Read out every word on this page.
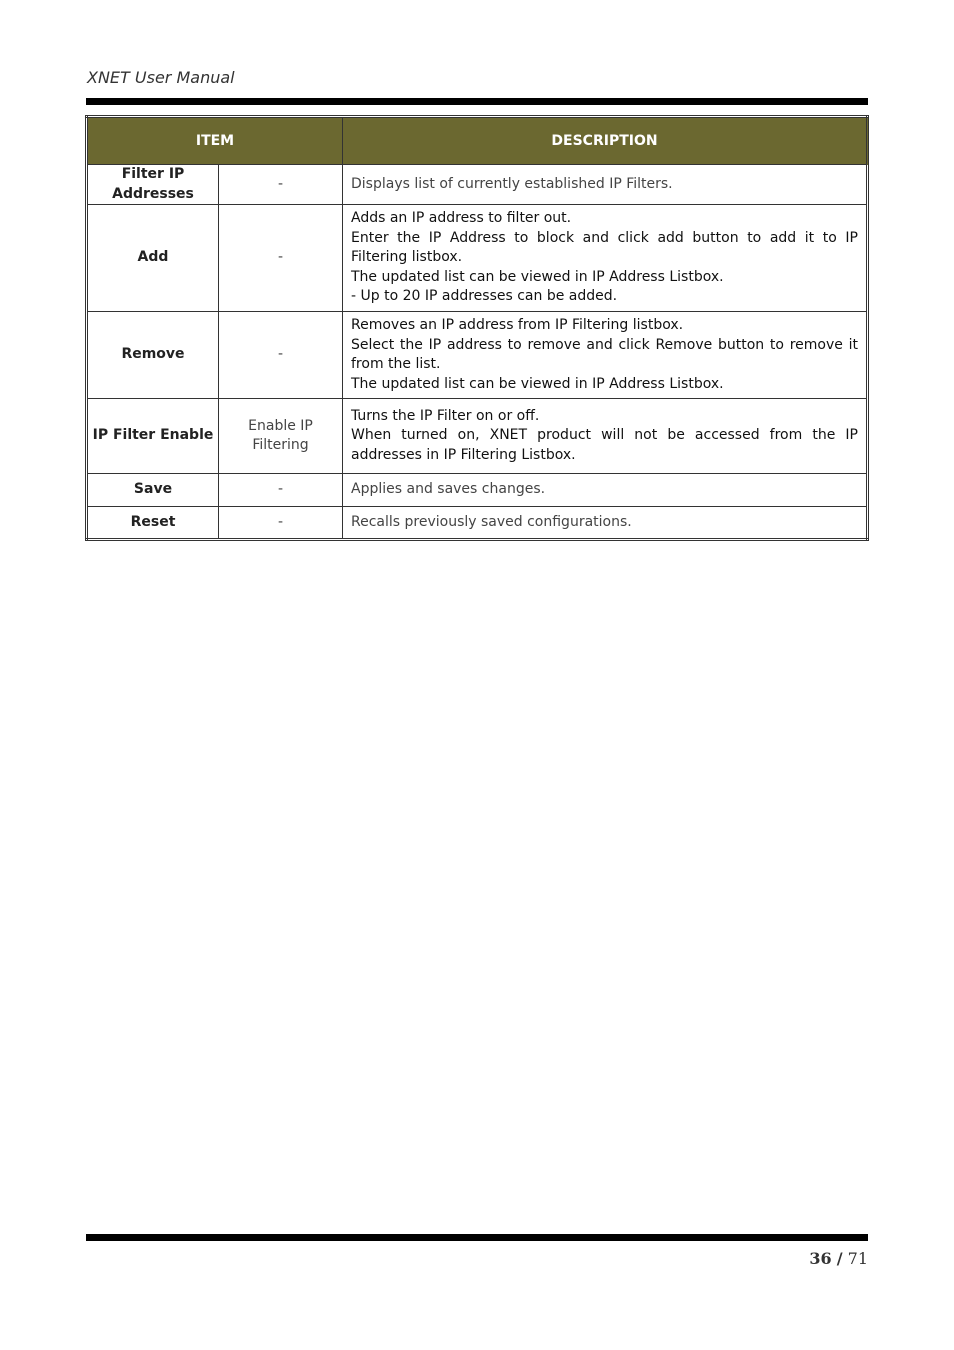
XNET User Manual
ITEM		DESCRIPTION
Filter IP Addresses	-	Displays list of currently established IP Filters.

Add	-	Adds an IP address to filter out.
Enter the IP Address to block and click add button to add it to IP Filtering listbox.
The updated list can be viewed in IP Address Listbox.
- Up to 20 IP addresses can be added.

Remove	-	Removes an IP address from IP Filtering listbox.
Select the IP address to remove and click Remove button to remove it from the list.
The updated list can be viewed in IP Address Listbox.

IP Filter Enable	Enable IP Filtering	Turns the IP Filter on or off.
When turned on, XNET product will not be accessed from the IP addresses in IP Filtering Listbox.

Save	-	Applies and saves changes.

Reset	-	Recalls previously saved configurations.
36 / 71
